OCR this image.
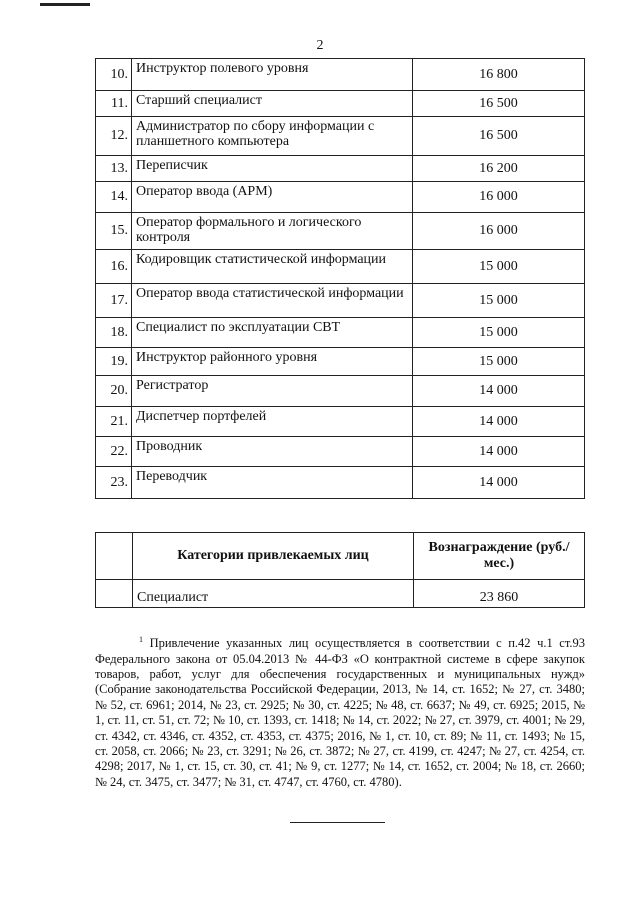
2
10.	Инструктор полевого уровня	16 800
11.	Старший специалист	16 500
12.	Администратор по сбору информации с планшетного компьютера	16 500
13.	Переписчик	16 200
14.	Оператор ввода (АРМ)	16 000
15.	Оператор формального и логического контроля	16 000
16.	Кодировщик статистической информации	15 000
17.	Оператор ввода статистической информации	15 000
18.	Специалист по эксплуатации СВТ	15 000
19.	Инструктор районного уровня	15 000
20.	Регистратор	14 000
21.	Диспетчер портфелей	14 000
22.	Проводник	14 000
23.	Переводчик	14 000
	Категории привлекаемых лиц	Вознаграждение (руб./мес.)
	Специалист	23 860
$^1$ Привлечение указанных лиц осуществляется в соответствии с п.42 ч.1 ст.93 Федерального закона от 05.04.2013 № 44-ФЗ «О контрактной системе в сфере закупок товаров, работ, услуг для обеспечения государственных и муниципальных нужд» (Собрание законодательства Российской Федерации, 2013, № 14, ст. 1652; № 27, ст. 3480; № 52, ст. 6961; 2014, № 23, ст. 2925; № 30, ст. 4225; № 48, ст. 6637; № 49, ст. 6925; 2015, № 1, ст. 11, ст. 51, ст. 72; № 10, ст. 1393, ст. 1418; № 14, ст. 2022; № 27, ст. 3979, ст. 4001; № 29, ст. 4342, ст. 4346, ст. 4352, ст. 4353, ст. 4375; 2016, № 1, ст. 10, ст. 89; № 11, ст. 1493; № 15, ст. 2058, ст. 2066; № 23, ст. 3291; № 26, ст. 3872; № 27, ст. 4199, ст. 4247; № 27, ст. 4254, ст. 4298; 2017, № 1, ст. 15, ст. 30, ст. 41; № 9, ст. 1277; № 14, ст. 1652, ст. 2004; № 18, ст. 2660; № 24, ст. 3475, ст. 3477; № 31, ст. 4747, ст. 4760, ст. 4780).
